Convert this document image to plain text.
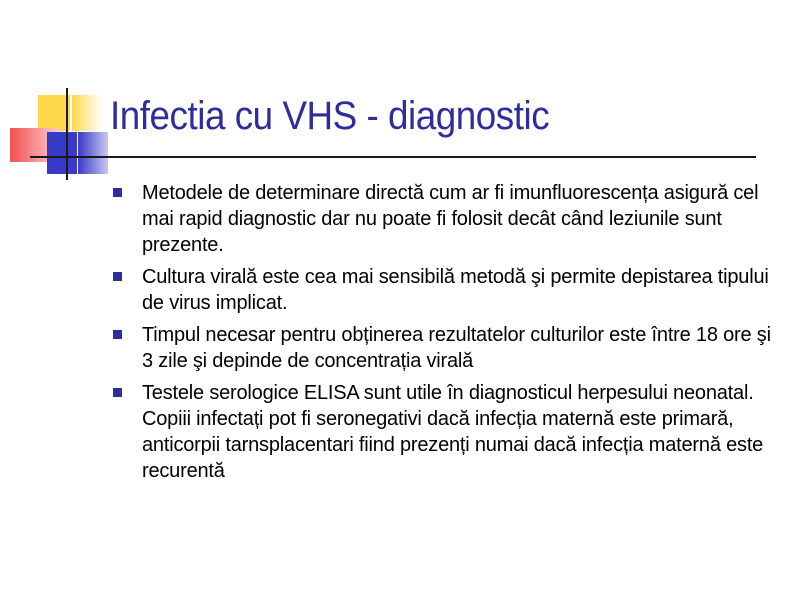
Infectia cu VHS - diagnostic
Metodele de determinare directă cum ar fi imunfluorescența asigură cel mai rapid diagnostic dar nu poate fi folosit decât când leziunile sunt prezente.
Cultura virală este cea mai sensibilă metodă şi permite depistarea tipului de virus implicat.
Timpul necesar pentru obținerea rezultatelor culturilor este între 18 ore şi 3 zile şi depinde de concentrația virală
Testele serologice ELISA sunt utile în diagnosticul herpesului neonatal. Copiii infectați pot fi seronegativi dacă infecția maternă este primară, anticorpii tarnsplacentari fiind prezenți numai dacă infecția maternă este recurentă
